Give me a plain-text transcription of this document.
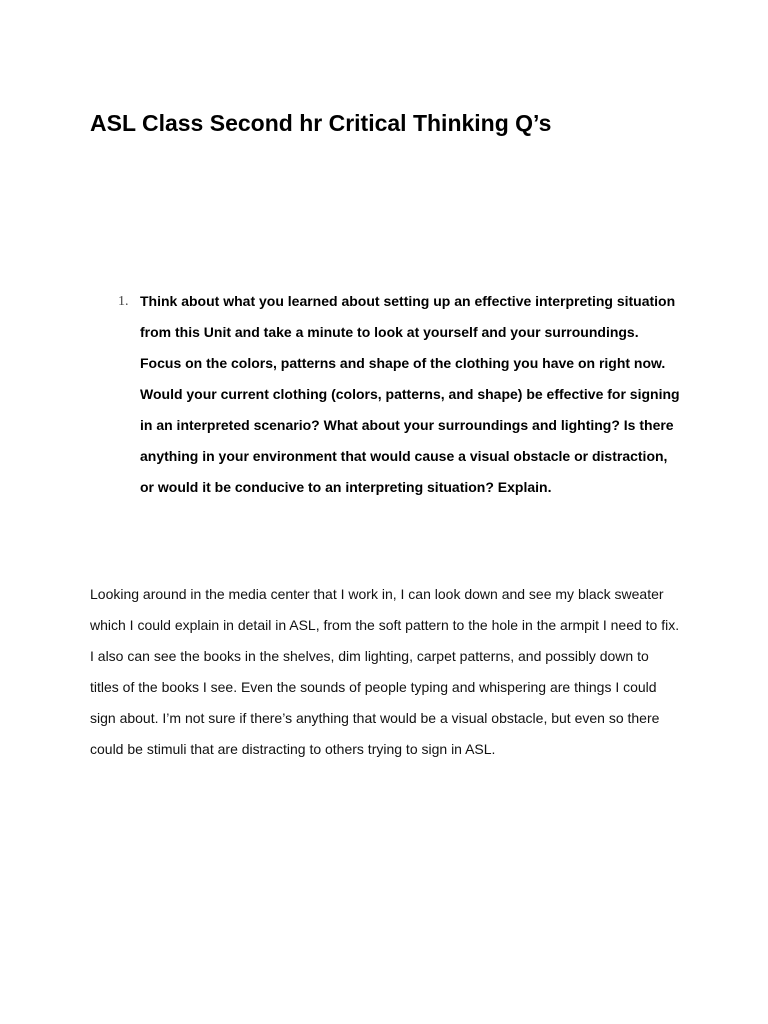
ASL Class Second hr Critical Thinking Q’s
1. Think about what you learned about setting up an effective interpreting situation from this Unit and take a minute to look at yourself and your surroundings. Focus on the colors, patterns and shape of the clothing you have on right now. Would your current clothing (colors, patterns, and shape) be effective for signing in an interpreted scenario? What about your surroundings and lighting? Is there anything in your environment that would cause a visual obstacle or distraction, or would it be conducive to an interpreting situation? Explain.

Looking around in the media center that I work in, I can look down and see my black sweater which I could explain in detail in ASL, from the soft pattern to the hole in the armpit I need to fix. I also can see the books in the shelves, dim lighting, carpet patterns, and possibly down to titles of the books I see. Even the sounds of people typing and whispering are things I could sign about. I’m not sure if there’s anything that would be a visual obstacle, but even so there could be stimuli that are distracting to others trying to sign in ASL.
